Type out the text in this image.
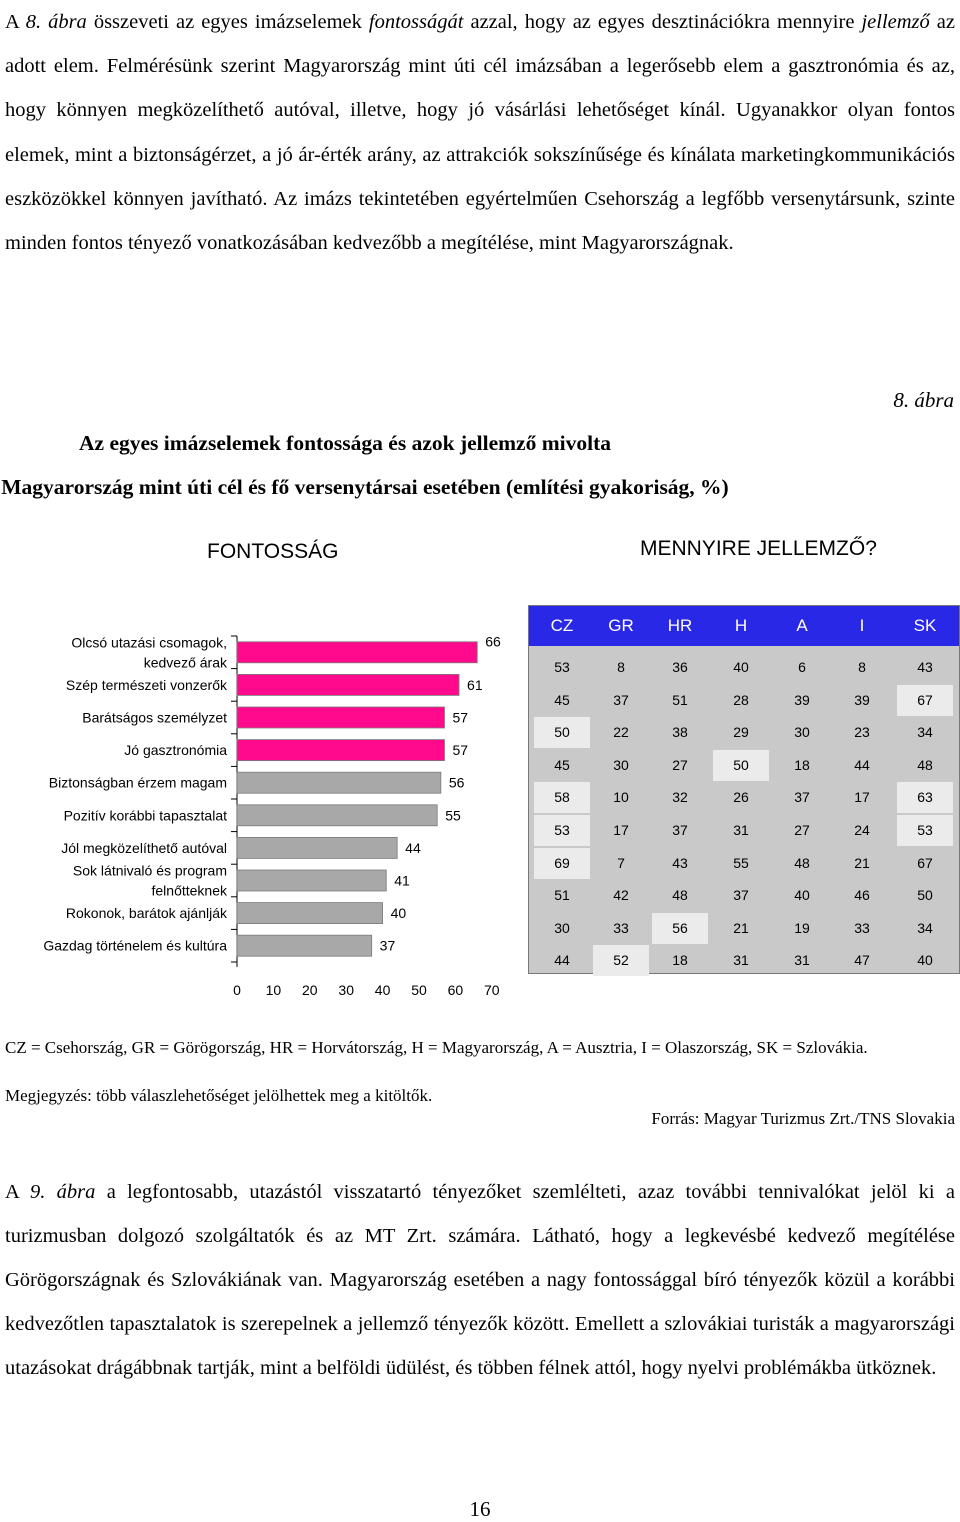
A 8. ábra összeveti az egyes imázselemek fontosságát azzal, hogy az egyes desztinációkra mennyire jellemző az adott elem. Felmérésünk szerint Magyarország mint úti cél imázsában a legerősebb elem a gasztronómia és az, hogy könnyen megközelíthető autóval, illetve, hogy jó vásárlási lehetőséget kínál. Ugyanakkor olyan fontos elemek, mint a biztonságérzet, a jó ár-érték arány, az attrakciók sokszínűsége és kínálata marketingkommunikációs eszközökkel könnyen javítható. Az imázs tekintetében egyértelműen Csehország a legfőbb versenytársunk, szinte minden fontos tényező vonatkozásában kedvezőbb a megítélése, mint Magyarországnak.

8. ábra
Az egyes imázselemek fontossága és azok jellemző mivolta
Magyarország mint úti cél és fő versenytársai esetében (említési gyakoriság, %)
FONTOSSÁG	MENNYIRE JELLEMZŐ?
0 10 20 30 40 50 60 70
66
Olcsó utazási csomagok, kedvező árak
61
Szép természeti vonzerők
57
Barátságos személyzet
57
Jó gasztronómia
56
Biztonságban érzem magam
55
Pozitív korábbi tapasztalat
44
Jól megközelíthető autóval
41
Sok látnivaló és program felnőtteknek
40
Rokonok, barátok ajánlják
37
Gazdag történelem és kultúra
CZ	GR	HR	H	A	I	SK
53	8	36	40	6	8	43
45	37	51	28	39	39	67
50	22	38	29	30	23	34
45	30	27	50	18	44	48
58	10	32	26	37	17	63
53	17	37	31	27	24	53
69	7	43	55	48	21	67
51	42	48	37	40	46	50
30	33	56	21	19	33	34
44	52	18	31	31	47	40
CZ = Csehország, GR = Görögország, HR = Horvátország, H = Magyarország, A = Ausztria, I = Olaszország, SK = Szlovákia.
Megjegyzés: több válaszlehetőséget jelölhettek meg a kitöltők.
Forrás: Magyar Turizmus Zrt./TNS Slovakia

A 9. ábra a legfontosabb, utazástól visszatartó tényezőket szemlélteti, azaz további tennivalókat jelöl ki a turizmusban dolgozó szolgáltatók és az MT Zrt. számára. Látható, hogy a legkevésbé kedvező megítélése Görögországnak és Szlovákiának van. Magyarország esetében a nagy fontossággal bíró tényezők közül a korábbi kedvezőtlen tapasztalatok is szerepelnek a jellemző tényezők között. Emellett a szlovákiai turisták a magyarországi utazásokat drágábbnak tartják, mint a belföldi üdülést, és többen félnek attól, hogy nyelvi problémákba ütköznek.

16
